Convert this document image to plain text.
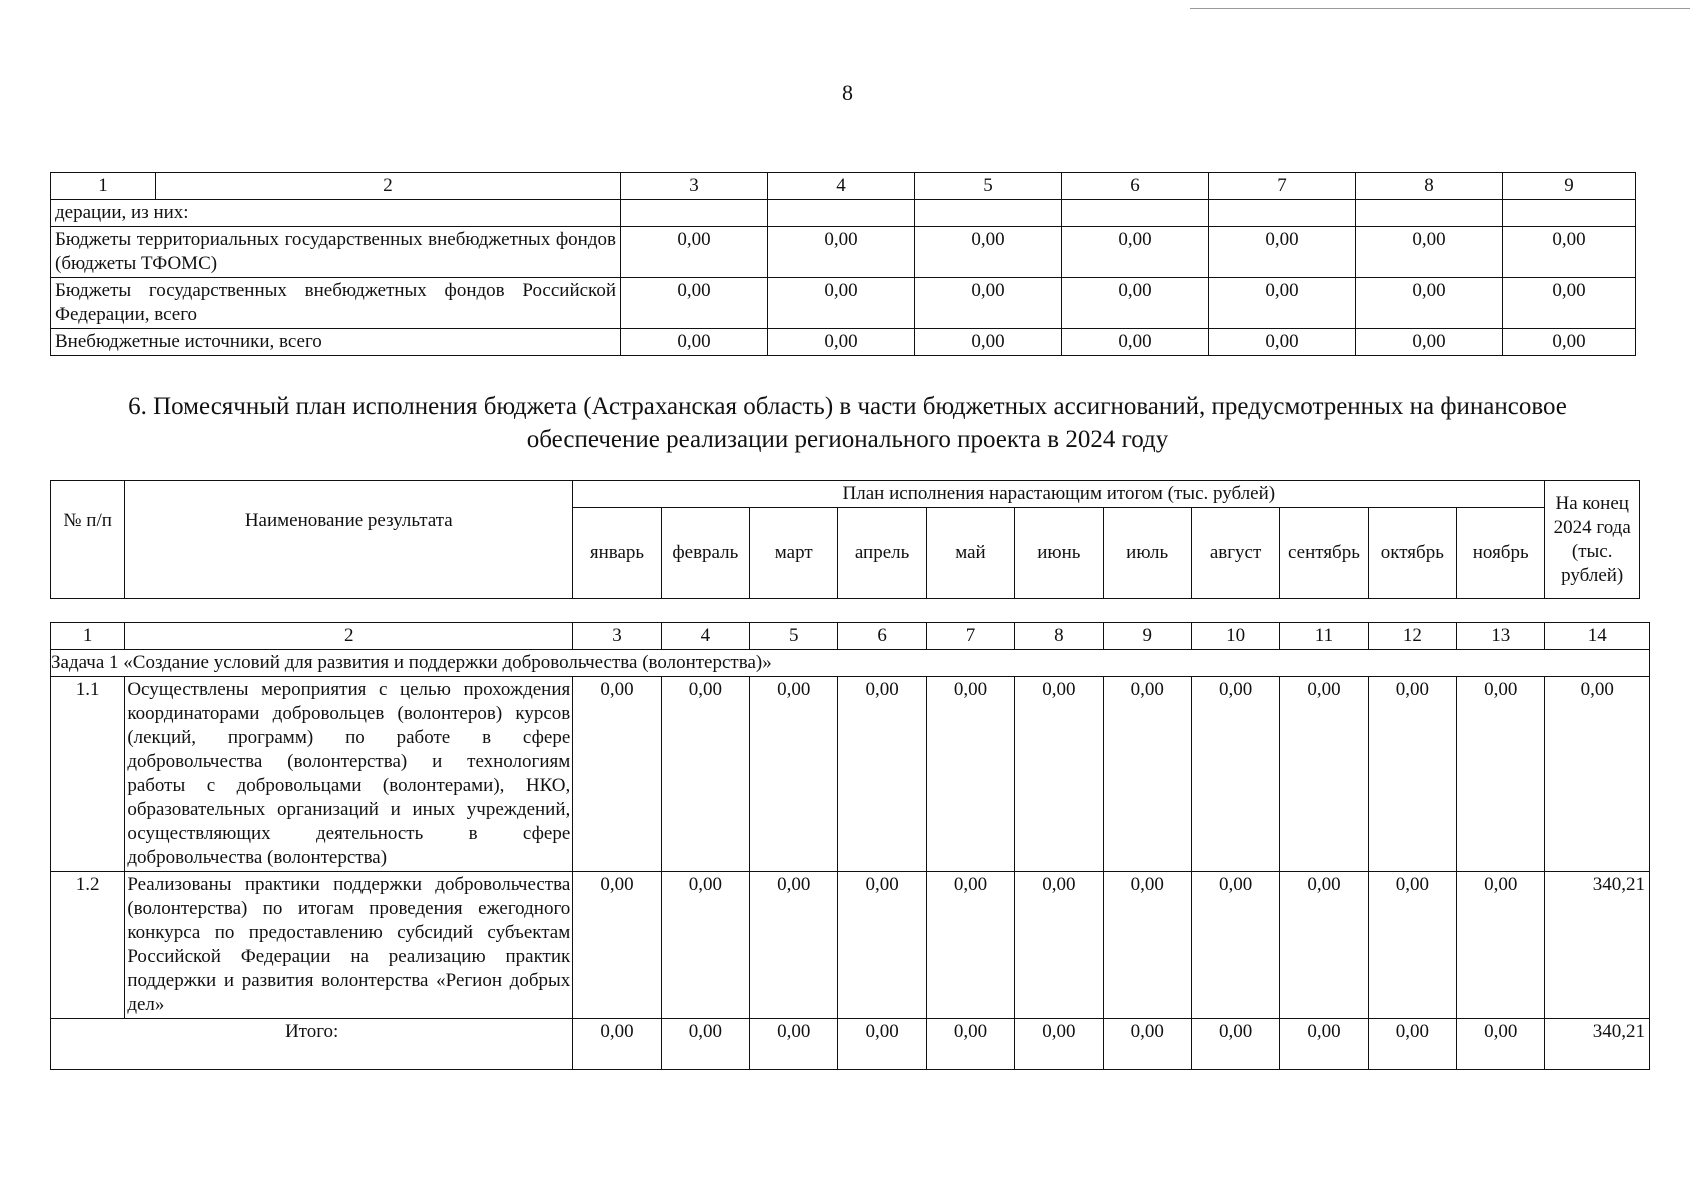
8
1	2	3	4	5	6	7	8	9
дерации, из них:								
Бюджеты территориальных государственных внебюджетных фондов (бюджеты ТФОМС)		0,00	0,00	0,00	0,00	0,00	0,00	0,00
Бюджеты государственных внебюджетных фондов Российской Федерации, всего		0,00	0,00	0,00	0,00	0,00	0,00	0,00
Внебюджетные источники, всего		0,00	0,00	0,00	0,00	0,00	0,00	0,00
6. Помесячный план исполнения бюджета (Астраханская область) в части бюджетных ассигнований, предусмотренных на финансовое обеспечение реализации регионального проекта в 2024 году
№ п/п	Наименование результата	План исполнения нарастающим итогом (тыс. рублей)											На конец 2024 года (тыс. рублей)
		январь	февраль	март	апрель	май	июнь	июль	август	сентябрь	октябрь	ноябрь	
1	2	3	4	5	6	7	8	9	10	11	12	13	14
Задача 1 «Создание условий для развития и поддержки добровольчества (волонтерства)»													
1.1	Осуществлены мероприятия с целью прохождения координаторами добровольцев (волонтеров) курсов (лекций, программ) по работе в сфере добровольчества (волонтерства) и технологиям работы с добровольцами (волонтерами), НКО, образовательных организаций и иных учреждений, осуществляющих деятельность в сфере добровольчества (волонтерства)	0,00	0,00	0,00	0,00	0,00	0,00	0,00	0,00	0,00	0,00	0,00	0,00
1.2	Реализованы практики поддержки добровольчества (волонтерства) по итогам проведения ежегодного конкурса по предоставлению субсидий субъектам Российской Федерации на реализацию практик поддержки и развития волонтерства «Регион добрых дел»	0,00	0,00	0,00	0,00	0,00	0,00	0,00	0,00	0,00	0,00	0,00	340,21
Итого:		0,00	0,00	0,00	0,00	0,00	0,00	0,00	0,00	0,00	0,00	0,00	340,21
